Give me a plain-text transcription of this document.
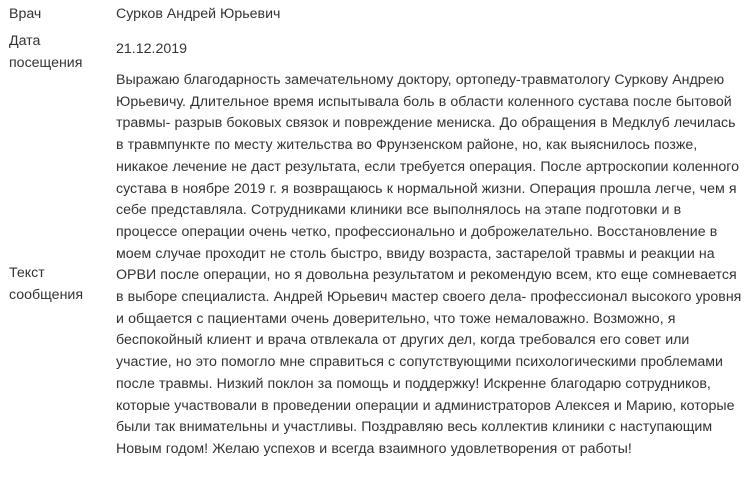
Врач	Сурков Андрей Юрьевич
Дата посещения
21.12.2019
Текст сообщения
Выражаю благодарность замечательному доктору, ортопеду-травматологу Суркову Андрею Юрьевичу. Длительное время испытывала боль в области коленного сустава после бытовой травмы- разрыв боковых связок и повреждение мениска. До обращения в Медклуб лечилась в травмпункте по месту жительства во Фрунзенском районе, но, как выяснилось позже, никакое лечение не даст результата, если требуется операция. После артроскопии коленного сустава в ноябре 2019 г. я возвращаюсь к нормальной жизни. Операция прошла легче, чем я себе представляла. Сотрудниками клиники все выполнялось на этапе подготовки и в процессе операции очень четко, профессионально и доброжелательно. Восстановление в моем случае проходит не столь быстро, ввиду возраста, застарелой травмы и реакции на ОРВИ после операции, но я довольна результатом и рекомендую всем, кто еще сомневается в выборе специалиста. Андрей Юрьевич мастер своего дела- профессионал высокого уровня и общается с пациентами очень доверительно, что тоже немаловажно. Возможно, я беспокойный клиент и врача отвлекала от других дел, когда требовался его совет или участие, но это помогло мне справиться с сопутствующими психологическими проблемами после травмы. Низкий поклон за помощь и поддержку! Искренне благодарю сотрудников, которые участвовали в проведении операции и администраторов Алексея и Марию, которые были так внимательны и участливы. Поздравляю весь коллектив клиники с наступающим Новым годом! Желаю успехов и всегда взаимного удовлетворения от работы!
